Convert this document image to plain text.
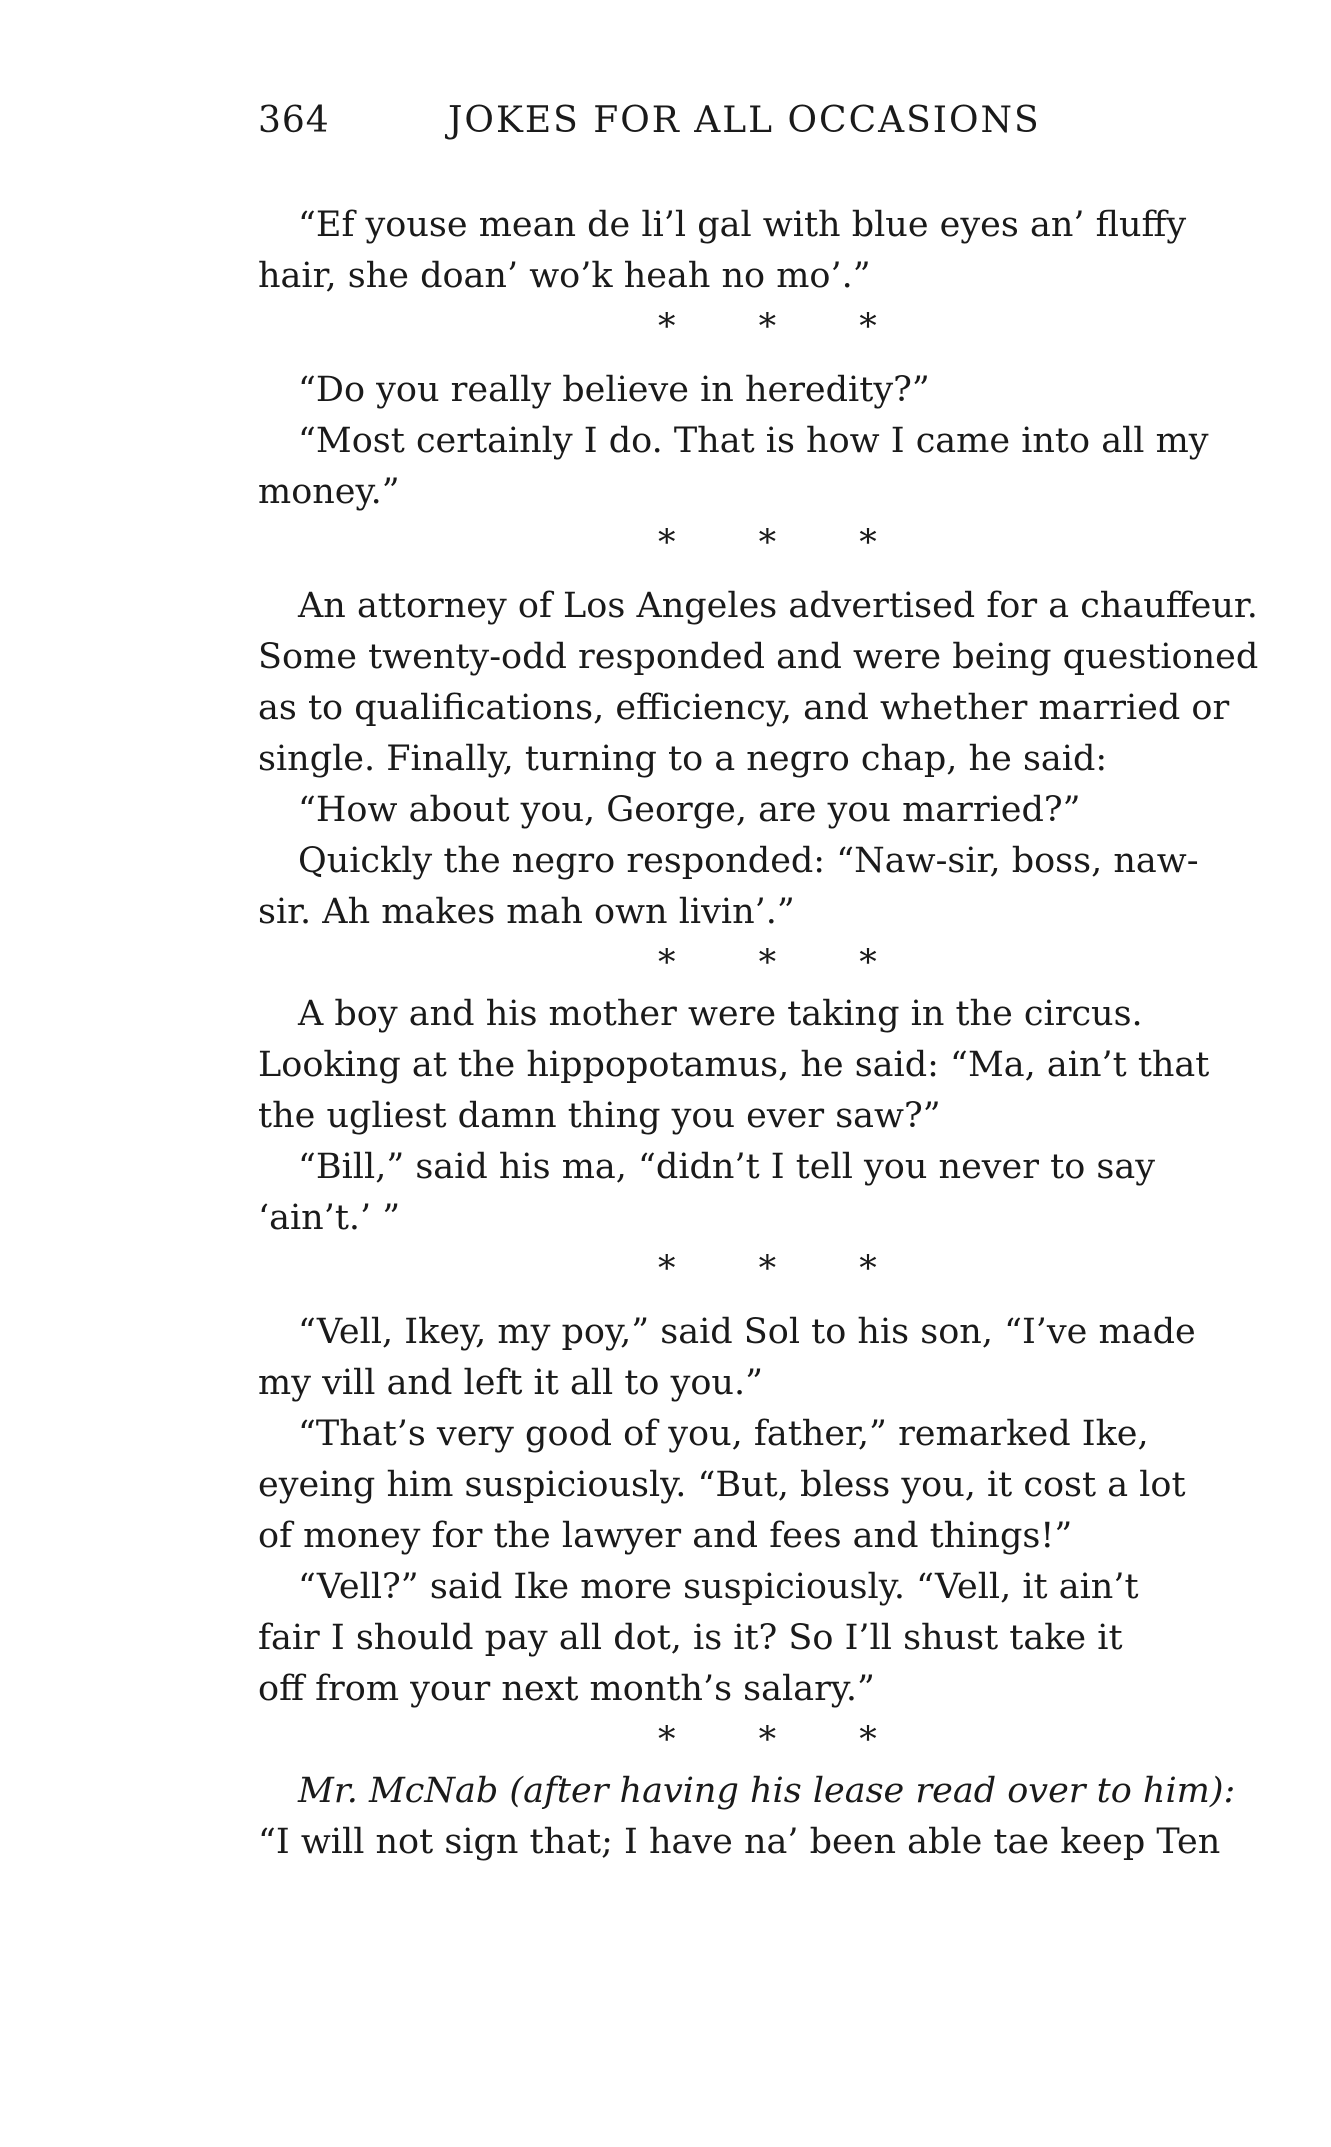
364	JOKES FOR ALL OCCASIONS
“Ef youse mean de li’l gal with blue eyes an’ fluffy
hair, she doan’ wo’k heah no mo’.”
* * *
“Do you really believe in heredity?”
“Most certainly I do. That is how I came into all my
money.”
* * *
An attorney of Los Angeles advertised for a chauffeur.
Some twenty-odd responded and were being questioned
as to qualifications, efficiency, and whether married or
single. Finally, turning to a negro chap, he said:
“How about you, George, are you married?”
Quickly the negro responded: “Naw-sir, boss, naw-
sir. Ah makes mah own livin’.”
* * *
A boy and his mother were taking in the circus.
Looking at the hippopotamus, he said: “Ma, ain’t that
the ugliest damn thing you ever saw?”
“Bill,” said his ma, “didn’t I tell you never to say
‘ain’t.’ ”
* * *
“Vell, Ikey, my poy,” said Sol to his son, “I’ve made
my vill and left it all to you.”
“That’s very good of you, father,” remarked Ike,
eyeing him suspiciously. “But, bless you, it cost a lot
of money for the lawyer and fees and things!”
“Vell?” said Ike more suspiciously. “Vell, it ain’t
fair I should pay all dot, is it? So I’ll shust take it
off from your next month’s salary.”
* * *
Mr. McNab (after having his lease read over to him):
“I will not sign that; I have na’ been able tae keep Ten
